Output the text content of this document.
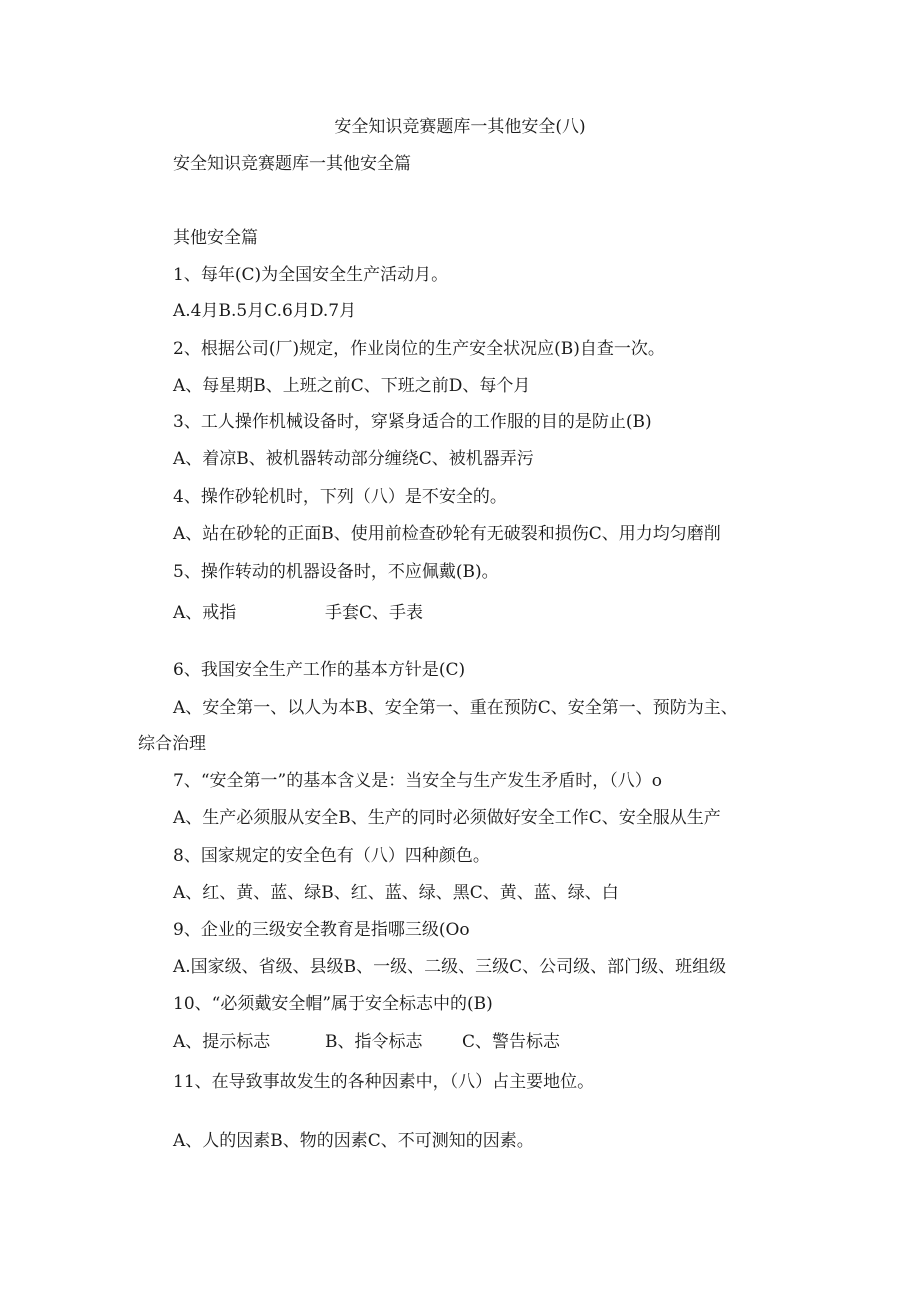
安全知识竞赛题库一其他安全(八)
安全知识竞赛题库一其他安全篇
其他安全篇
1、每年(C)为全国安全生产活动月。
A.4月B.5月C.6月D.7月
2、根据公司(厂)规定，作业岗位的生产安全状况应(B)自查一次。
A、每星期B、上班之前C、下班之前D、每个月
3、工人操作机械设备时，穿紧身适合的工作服的目的是防止(B)
A、着凉B、被机器转动部分缠绕C、被机器弄污
4、操作砂轮机时，下列（八）是不安全的。
A、站在砂轮的正面B、使用前检查砂轮有无破裂和损伤C、用力均匀磨削
5、操作转动的机器设备时，不应佩戴(B)。
A、戒指	手套C、手表
6、我国安全生产工作的基本方针是(C)
A、安全第一、以人为本B、安全第一、重在预防C、安全第一、预防为主、
综合治理
7、“安全第一”的基本含义是：当安全与生产发生矛盾时，（八）o
A、生产必须服从安全B、生产的同时必须做好安全工作C、安全服从生产
8、国家规定的安全色有（八）四种颜色。
A、红、黄、蓝、绿B、红、蓝、绿、黑C、黄、蓝、绿、白
9、企业的三级安全教育是指哪三级(Oo
A.国家级、省级、县级B、一级、二级、三级C、公司级、部门级、班组级
10、“必须戴安全帽”属于安全标志中的(B)
A、提示标志	B、指令标志 C、警告标志
11、在导致事故发生的各种因素中，（八）占主要地位。
A、人的因素B、物的因素C、不可测知的因素。
